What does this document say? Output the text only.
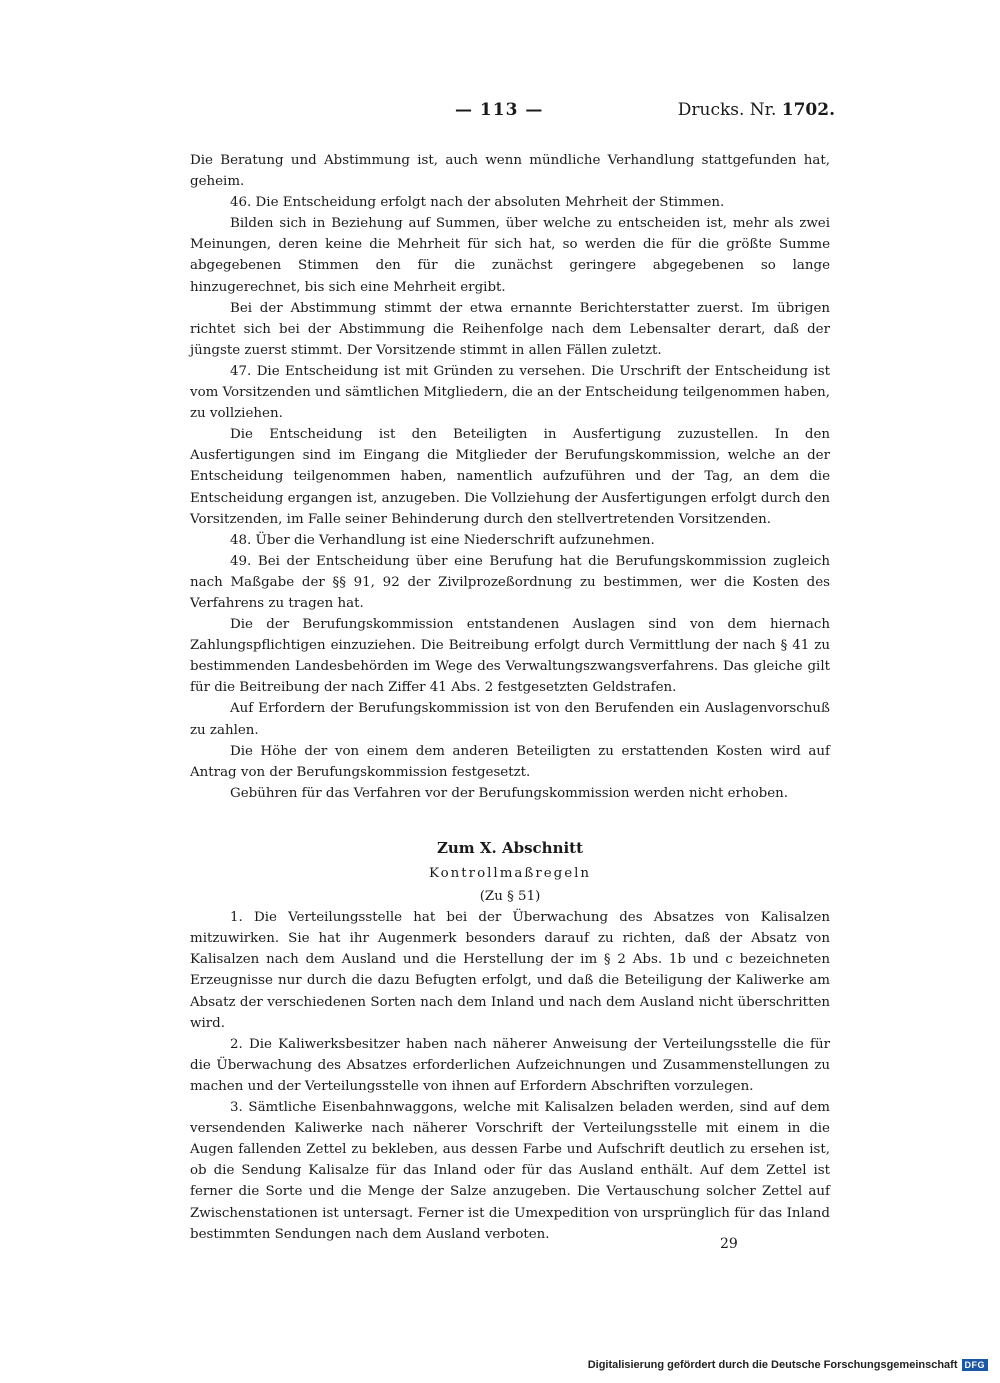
— 113 —	Drucks. Nr. 1702.

Die Beratung und Abstimmung ist, auch wenn mündliche Verhandlung stattgefunden hat, geheim.

46. Die Entscheidung erfolgt nach der absoluten Mehrheit der Stimmen.

Bilden sich in Beziehung auf Summen, über welche zu entscheiden ist, mehr als zwei Meinungen, deren keine die Mehrheit für sich hat, so werden die für die größte Summe abgegebenen Stimmen den für die zunächst geringere abgegebenen so lange hinzugerechnet, bis sich eine Mehrheit ergibt.

Bei der Abstimmung stimmt der etwa ernannte Berichterstatter zuerst. Im übrigen richtet sich bei der Abstimmung die Reihenfolge nach dem Lebensalter derart, daß der jüngste zuerst stimmt. Der Vorsitzende stimmt in allen Fällen zuletzt.

47. Die Entscheidung ist mit Gründen zu versehen. Die Urschrift der Entscheidung ist vom Vorsitzenden und sämtlichen Mitgliedern, die an der Entscheidung teilgenommen haben, zu vollziehen.

Die Entscheidung ist den Beteiligten in Ausfertigung zuzustellen. In den Ausfertigungen sind im Eingang die Mitglieder der Berufungskommission, welche an der Entscheidung teilgenommen haben, namentlich aufzuführen und der Tag, an dem die Entscheidung ergangen ist, anzugeben. Die Vollziehung der Ausfertigungen erfolgt durch den Vorsitzenden, im Falle seiner Behinderung durch den stellvertretenden Vorsitzenden.

48. Über die Verhandlung ist eine Niederschrift aufzunehmen.

49. Bei der Entscheidung über eine Berufung hat die Berufungskommission zugleich nach Maßgabe der §§ 91, 92 der Zivilprozeßordnung zu bestimmen, wer die Kosten des Verfahrens zu tragen hat.

Die der Berufungskommission entstandenen Auslagen sind von dem hiernach Zahlungspflichtigen einzuziehen. Die Beitreibung erfolgt durch Vermittlung der nach § 41 zu bestimmenden Landesbehörden im Wege des Verwaltungszwangsverfahrens. Das gleiche gilt für die Beitreibung der nach Ziffer 41 Abs. 2 festgesetzten Geldstrafen.

Auf Erfordern der Berufungskommission ist von den Berufenden ein Auslagenvorschuß zu zahlen.

Die Höhe der von einem dem anderen Beteiligten zu erstattenden Kosten wird auf Antrag von der Berufungskommission festgesetzt.

Gebühren für das Verfahren vor der Berufungskommission werden nicht erhoben.

Zum X. Abschnitt
Kontrollmaßregeln
(Zu § 51)

1. Die Verteilungsstelle hat bei der Überwachung des Absatzes von Kalisalzen mitzuwirken. Sie hat ihr Augenmerk besonders darauf zu richten, daß der Absatz von Kalisalzen nach dem Ausland und die Herstellung der im § 2 Abs. 1b und c bezeichneten Erzeugnisse nur durch die dazu Befugten erfolgt, und daß die Beteiligung der Kaliwerke am Absatz der verschiedenen Sorten nach dem Inland und nach dem Ausland nicht überschritten wird.

2. Die Kaliwerksbesitzer haben nach näherer Anweisung der Verteilungsstelle die für die Überwachung des Absatzes erforderlichen Aufzeichnungen und Zusammenstellungen zu machen und der Verteilungsstelle von ihnen auf Erfordern Abschriften vorzulegen.

3. Sämtliche Eisenbahnwaggons, welche mit Kalisalzen beladen werden, sind auf dem versendenden Kaliwerke nach näherer Vorschrift der Verteilungsstelle mit einem in die Augen fallenden Zettel zu bekleben, aus dessen Farbe und Aufschrift deutlich zu ersehen ist, ob die Sendung Kalisalze für das Inland oder für das Ausland enthält. Auf dem Zettel ist ferner die Sorte und die Menge der Salze anzugeben. Die Vertauschung solcher Zettel auf Zwischenstationen ist untersagt. Ferner ist die Umexpedition von ursprünglich für das Inland bestimmten Sendungen nach dem Ausland verboten.

29
Digitalisierung gefördert durch die Deutsche Forschungsgemeinschaft DFG
